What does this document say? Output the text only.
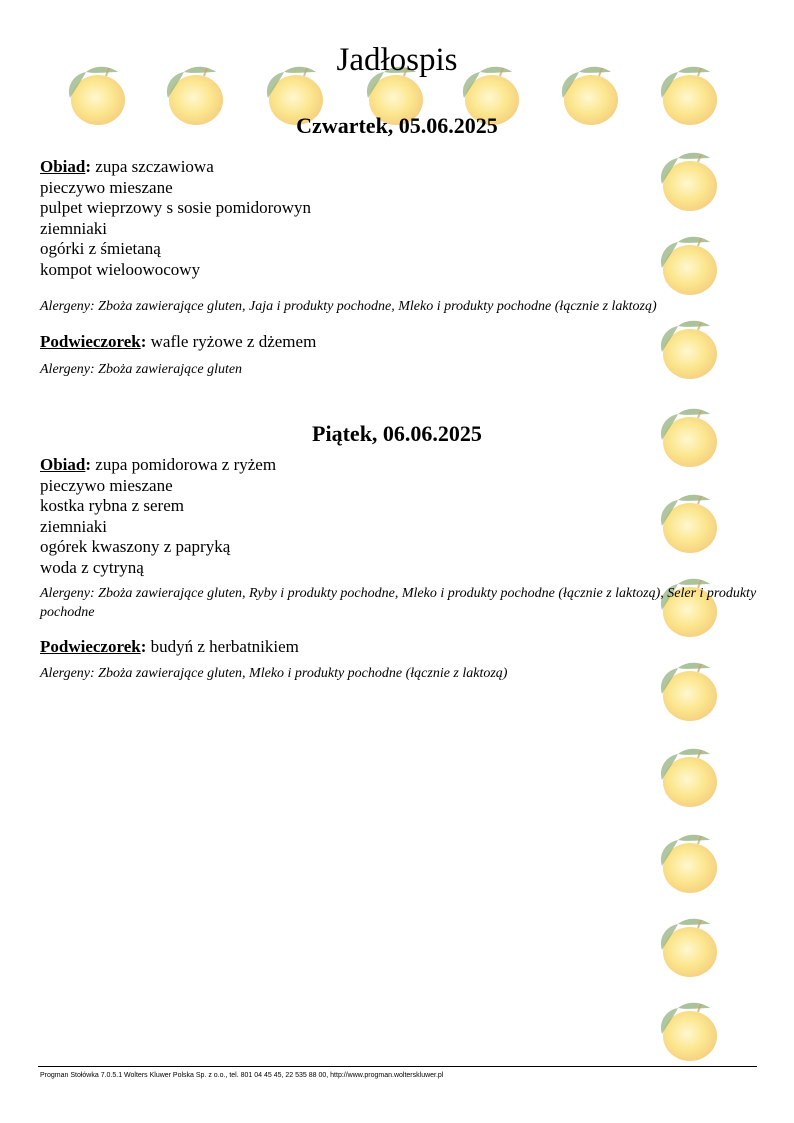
Jadłospis
Czwartek, 05.06.2025
Obiad: zupa szczawiowa
pieczywo mieszane
pulpet wieprzowy s sosie pomidorowyn
ziemniaki
ogórki z śmietaną
kompot wieloowocowy
Alergeny: Zboża zawierające gluten, Jaja i produkty pochodne, Mleko i produkty pochodne (łącznie z laktozą)
Podwieczorek: wafle ryżowe z dżemem
Alergeny: Zboża zawierające gluten
Piątek, 06.06.2025
Obiad: zupa pomidorowa z ryżem
pieczywo mieszane
kostka rybna z serem
ziemniaki
ogórek kwaszony z papryką
woda z cytryną
Alergeny: Zboża zawierające gluten, Ryby i produkty pochodne, Mleko i produkty pochodne (łącznie z laktozą), Seler i produkty pochodne
Podwieczorek: budyń z herbatnikiem
Alergeny: Zboża zawierające gluten, Mleko i produkty pochodne (łącznie z laktozą)
Progman Stołówka 7.0.5.1 Wolters Kluwer Polska Sp. z o.o., tel. 801 04 45 45, 22 535 88 00, http://www.progman.wolterskluwer.pl
